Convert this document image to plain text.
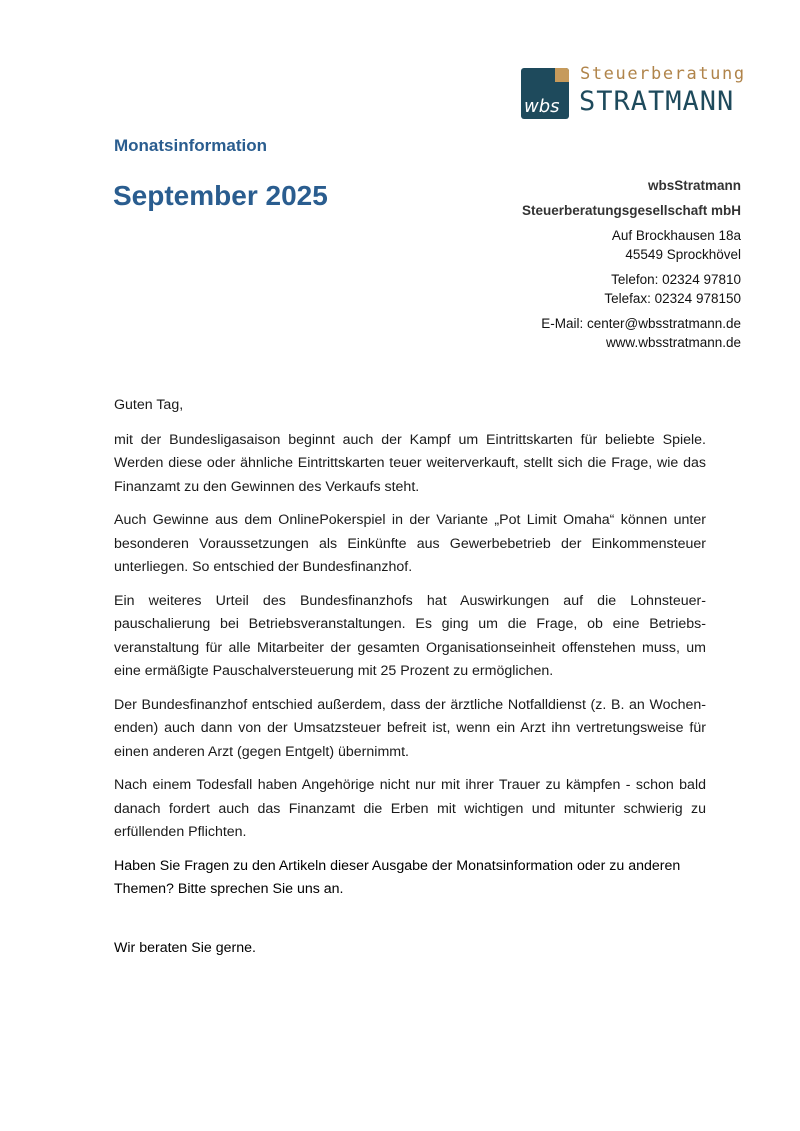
wbs
Steuerberatung
STRATMANN
Monatsinformation
September 2025	wbsStratmann
Steuerberatungsgesellschaft mbH
Auf Brockhausen 18a
45549 Sprockhövel
Telefon: 02324 97810
Telefax: 02324 978150
E-Mail: center@wbsstratmann.de
www.wbsstratmann.de

Guten Tag,

mit der Bundesligasaison beginnt auch der Kampf um Eintrittskarten für beliebte Spiele. Werden diese oder ähnliche Eintrittskarten teuer weiterverkauft, stellt sich die Frage, wie das Finanzamt zu den Gewinnen des Verkaufs steht.

Auch Gewinne aus dem OnlinePokerspiel in der Variante „Pot Limit Omaha“ können unter besonderen Voraussetzungen als Einkünfte aus Gewerbebetrieb der Einkommensteuer unterliegen. So entschied der Bundesfinanzhof.

Ein weiteres Urteil des Bundesfinanzhofs hat Auswirkungen auf die Lohnsteuer-pauschalierung bei Betriebsveranstaltungen. Es ging um die Frage, ob eine Betriebs-veranstaltung für alle Mitarbeiter der gesamten Organisationseinheit offenstehen muss, um eine ermäßigte Pauschalversteuerung mit 25 Prozent zu ermöglichen.

Der Bundesfinanzhof entschied außerdem, dass der ärztliche Notfalldienst (z. B. an Wochen-enden) auch dann von der Umsatzsteuer befreit ist, wenn ein Arzt ihn vertretungsweise für einen anderen Arzt (gegen Entgelt) übernimmt.

Nach einem Todesfall haben Angehörige nicht nur mit ihrer Trauer zu kämpfen - schon bald danach fordert auch das Finanzamt die Erben mit wichtigen und mitunter schwierig zu erfüllenden Pflichten.

Haben Sie Fragen zu den Artikeln dieser Ausgabe der Monatsinformation oder zu anderen Themen? Bitte sprechen Sie uns an.

Wir beraten Sie gerne.
